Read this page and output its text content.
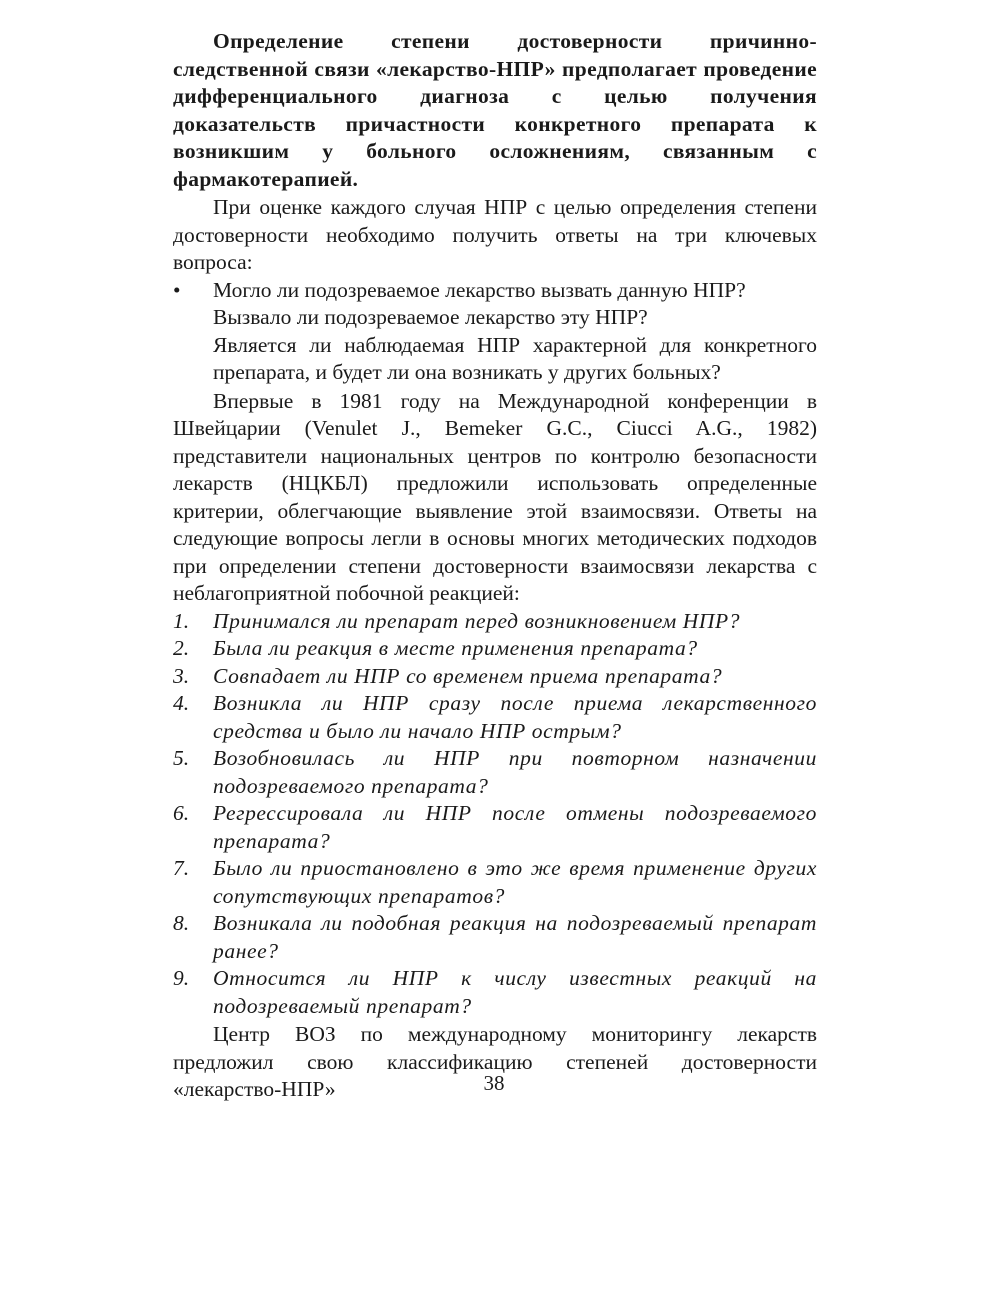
Определение степени достоверности причинно-следственной связи «лекарство-НПР» предполагает проведение дифференциального диагноза с целью получения доказательств причастности конкретного препарата к возникшим у больного осложнениям, связанным с фармакотерапией.

При оценке каждого случая НПР с целью определения степени достоверности необходимо получить ответы на три ключевых вопроса:

•	Могло ли подозреваемое лекарство вызвать данную НПР?
Вызвало ли подозреваемое лекарство эту НПР?
Является ли наблюдаемая НПР характерной для конкретного препарата, и будет ли она возникать у других больных?

Впервые в 1981 году на Международной конференции в Швейцарии (Venulet J., Bemeker G.C., Ciucci A.G., 1982) представители национальных центров по контролю безопасности лекарств (НЦКБЛ) предложили использовать определенные критерии, облегчающие выявление этой взаимосвязи. Ответы на следующие вопросы легли в основы многих методических подходов при определении степени достоверности взаимосвязи лекарства с неблагоприятной побочной реакцией:

1.	Принимался ли препарат перед возникновением НПР?
2.	Была ли реакция в месте применения препарата?
3.	Совпадает ли НПР со временем приема препарата?
4.	Возникла ли НПР сразу после приема лекарственного средства и было ли начало НПР острым?
5.	Возобновилась ли НПР при повторном назначении подозреваемого препарата?
6.	Регрессировала ли НПР после отмены подозреваемого препарата?
7.	Было ли приостановлено в это же время применение других сопутствующих препаратов?
8.	Возникала ли подобная реакция на подозреваемый препарат ранее?
9.	Относится ли НПР к числу известных реакций на подозреваемый препарат?

Центр ВОЗ по международному мониторингу лекарств предложил свою классификацию степеней достоверности «лекарство-НПР»	38
